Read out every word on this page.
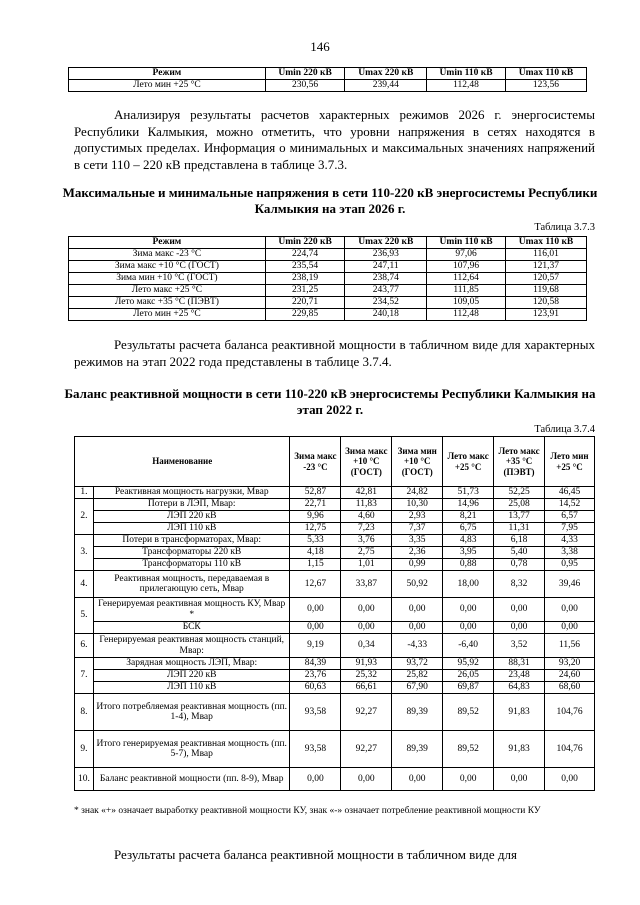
146
Режим	Umin 220 кВ	Umax 220 кВ	Umin 110 кВ	Umax 110 кВ
Лето мин +25 °С	230,56	239,44	112,48	123,56
Анализируя результаты расчетов характерных режимов 2026 г. энергосистемы Республики Калмыкия, можно отметить, что уровни напряжения в сетях находятся в допустимых пределах. Информация о минимальных и максимальных значениях напряжений в сети 110 – 220 кВ представлена в таблице 3.7.3.
Максимальные и минимальные напряжения в сети 110-220 кВ энергосистемы Республики Калмыкия на этап 2026 г.
Таблица 3.7.3
Режим	Umin 220 кВ	Umax 220 кВ	Umin 110 кВ	Umax 110 кВ
Зима макс -23 °С	224,74	236,93	97,06	116,01
Зима макс +10 °С (ГОСТ)	235,54	247,11	107,96	121,37
Зима мин +10 °С (ГОСТ)	238,19	238,74	112,64	120,57
Лето макс +25 °С	231,25	243,77	111,85	119,68
Лето макс +35 °С (ПЭВТ)	220,71	234,52	109,05	120,58
Лето мин +25 °С	229,85	240,18	112,48	123,91
Результаты расчета баланса реактивной мощности в табличном виде для характерных режимов на этап 2022 года представлены в таблице 3.7.4.
Баланс реактивной мощности в сети 110-220 кВ энергосистемы Республики Калмыкия на этап 2022 г.
Таблица 3.7.4
Наименование		Зима макс -23 °С	Зима макс +10 °С (ГОСТ)	Зима мин +10 °С (ГОСТ)	Лето макс +25 °С	Лето макс +35 °С (ПЭВТ)	Лето мин +25 °С
1.	Реактивная мощность нагрузки, Мвар	52,87	42,81	24,82	51,73	52,25	46,45
2.	Потери в ЛЭП, Мвар:	22,71	11,83	10,30	14,96	25,08	14,52
	ЛЭП 220 кВ	9,96	4,60	2,93	8,21	13,77	6,57
	ЛЭП 110 кВ	12,75	7,23	7,37	6,75	11,31	7,95
3.	Потери в трансформаторах, Мвар:	5,33	3,76	3,35	4,83	6,18	4,33
	Трансформаторы 220 кВ	4,18	2,75	2,36	3,95	5,40	3,38
	Трансформаторы 110 кВ	1,15	1,01	0,99	0,88	0,78	0,95
4.	Реактивная мощность, передаваемая в прилегающую сеть, Мвар	12,67	33,87	50,92	18,00	8,32	39,46
5.	Генерируемая реактивная мощность КУ, Мвар *	0,00	0,00	0,00	0,00	0,00	0,00
	БСК	0,00	0,00	0,00	0,00	0,00	0,00
6.	Генерируемая реактивная мощность станций, Мвар:	9,19	0,34	-4,33	-6,40	3,52	11,56
7.	Зарядная мощность ЛЭП, Мвар:	84,39	91,93	93,72	95,92	88,31	93,20
	ЛЭП 220 кВ	23,76	25,32	25,82	26,05	23,48	24,60
	ЛЭП 110 кВ	60,63	66,61	67,90	69,87	64,83	68,60
8.	Итого потребляемая реактивная мощность (пп. 1-4), Мвар	93,58	92,27	89,39	89,52	91,83	104,76
9.	Итого генерируемая реактивная мощность (пп. 5-7), Мвар	93,58	92,27	89,39	89,52	91,83	104,76
10.	Баланс реактивной мощности (пп. 8-9), Мвар	0,00	0,00	0,00	0,00	0,00	0,00
* знак «+» означает выработку реактивной мощности КУ, знак «-» означает потребление реактивной мощности КУ
Результаты расчета баланса реактивной мощности в табличном виде для
